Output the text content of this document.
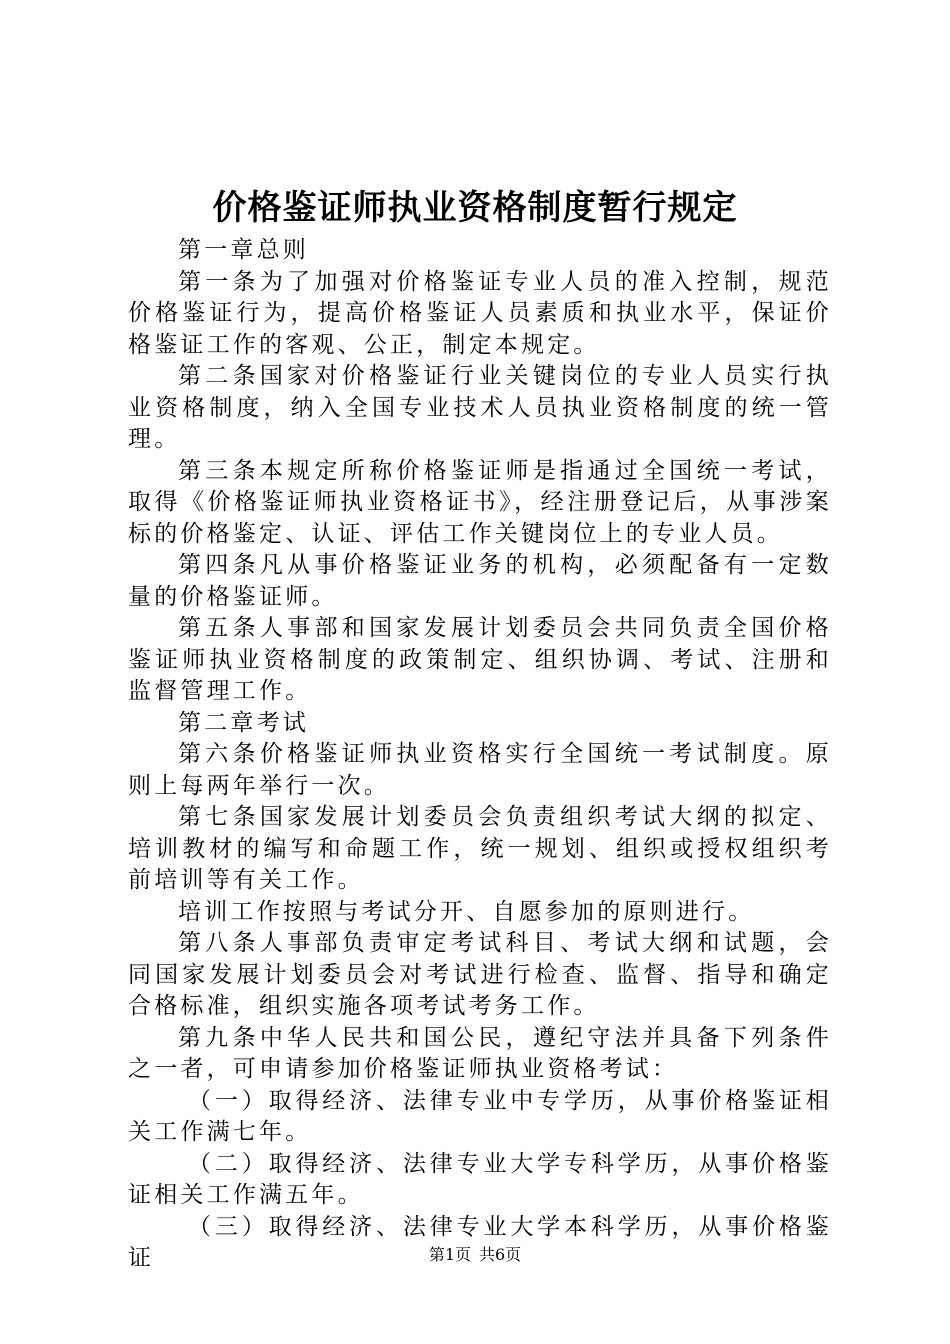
价格鉴证师执业资格制度暂行规定

第一章总则

第一条为了加强对价格鉴证专业人员的准入控制，规范价格鉴证行为，提高价格鉴证人员素质和执业水平，保证价格鉴证工作的客观、公正，制定本规定。

第二条国家对价格鉴证行业关键岗位的专业人员实行执业资格制度，纳入全国专业技术人员执业资格制度的统一管理。

第三条本规定所称价格鉴证师是指通过全国统一考试，取得《价格鉴证师执业资格证书》，经注册登记后，从事涉案标的价格鉴定、认证、评估工作关键岗位上的专业人员。

第四条凡从事价格鉴证业务的机构，必须配备有一定数量的价格鉴证师。

第五条人事部和国家发展计划委员会共同负责全国价格鉴证师执业资格制度的政策制定、组织协调、考试、注册和监督管理工作。

第二章考试

第六条价格鉴证师执业资格实行全国统一考试制度。原则上每两年举行一次。

第七条国家发展计划委员会负责组织考试大纲的拟定、培训教材的编写和命题工作，统一规划、组织或授权组织考前培训等有关工作。

培训工作按照与考试分开、自愿参加的原则进行。

第八条人事部负责审定考试科目、考试大纲和试题，会同国家发展计划委员会对考试进行检查、监督、指导和确定合格标准，组织实施各项考试考务工作。

第九条中华人民共和国公民，遵纪守法并具备下列条件之一者，可申请参加价格鉴证师执业资格考试：

（一）取得经济、法律专业中专学历，从事价格鉴证相关工作满七年。

（二）取得经济、法律专业大学专科学历，从事价格鉴证相关工作满五年。

（三）取得经济、法律专业大学本科学历，从事价格鉴证	第1页 共6页
